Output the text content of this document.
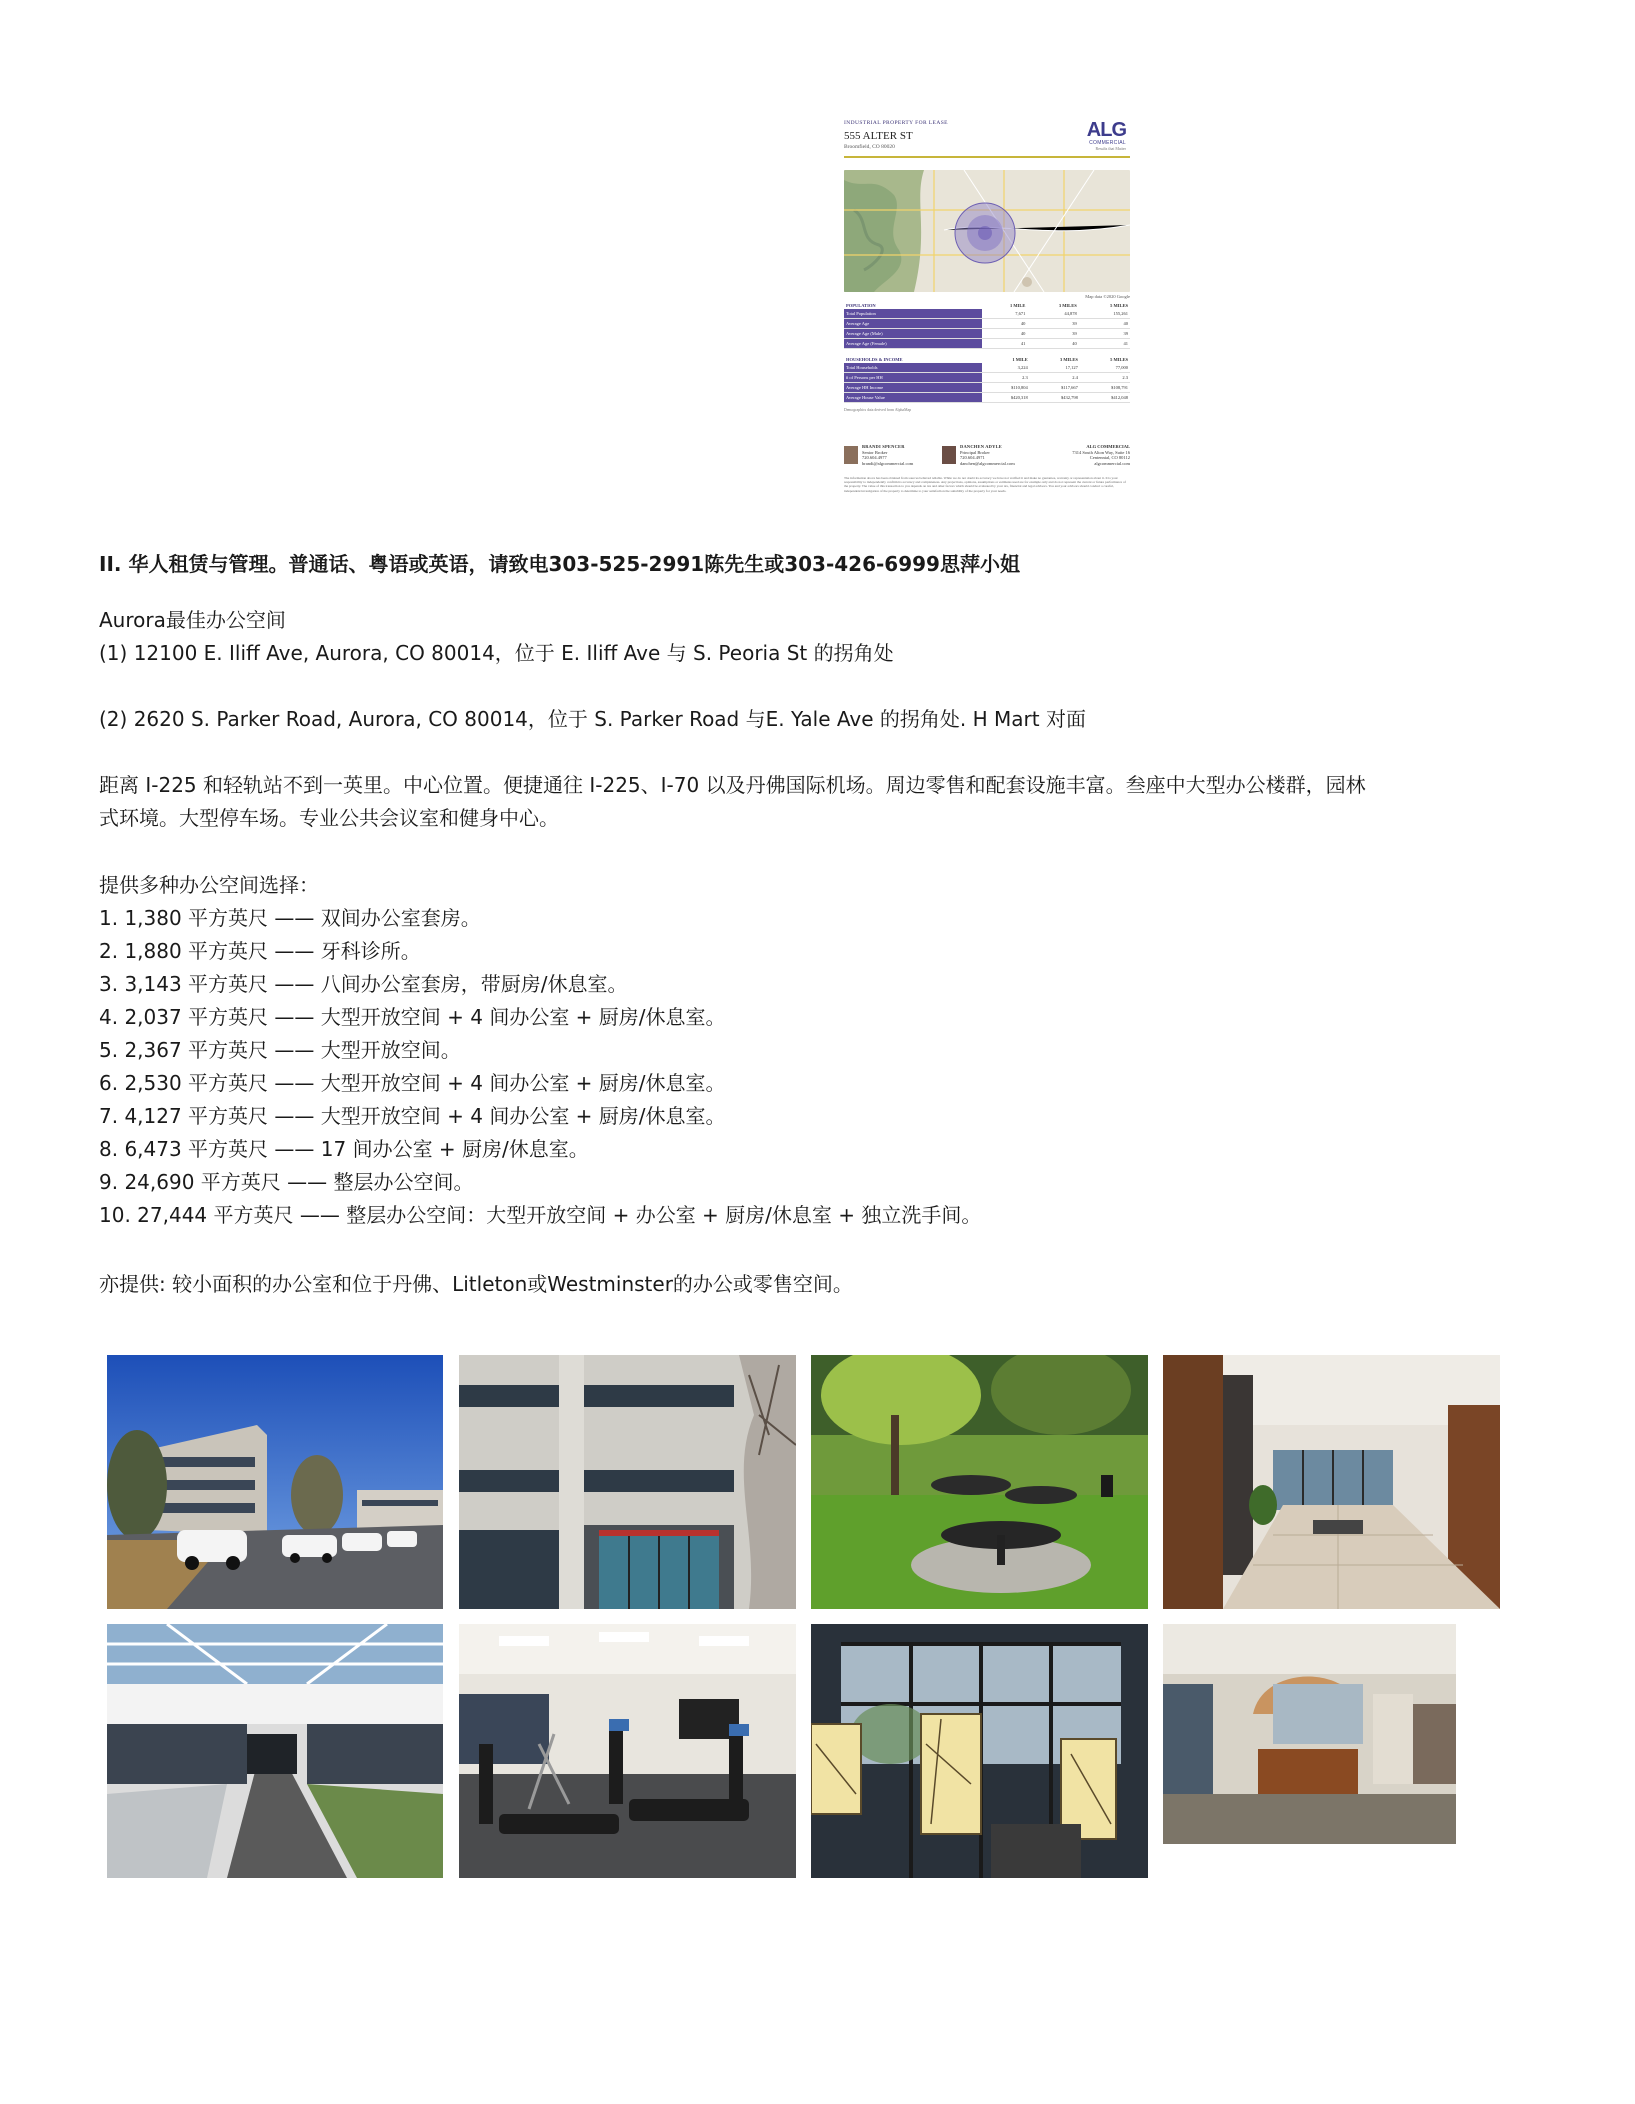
INDUSTRIAL PROPERTY FOR LEASE
555 ALTER ST
Broomfield, CO 80020
ALG
COMMERCIAL
Results that Matter
Map data ©2020 Google
POPULATION	1 MILE	3 MILES	5 MILES
Total Population	7,671	44,878	155,261
Average Age	40	39	40
Average Age (Male)	40	39	39
Average Age (Female)	41	40	41
HOUSEHOLDS & INCOME	1 MILE	3 MILES	5 MILES
Total Households	3,224	17,127	77,000
# of Persons per HH	2.3	2.4	2.3
Average HH Income	$110,804	$117,667	$108,791
Average House Value	$420,318	$432,798	$412,048
Demographics data derived from AlphaMap
BRANDI SPENCER
Senior Broker
720.604.4977
brandi@algcommercial.com
DANCHEN ADYLE
Principal Broker
720.604.4971
danchen@algcommercial.com
ALG COMMERCIAL
7314 South Alton Way, Suite 16
Centennial, CO 80112
algcommercial.com
The information above has been obtained from sources believed reliable. While we do not doubt its accuracy we have not verified it and make no guarantee, warranty or representation about it. It is your responsibility to independently confirm its accuracy and completeness. Any projections, opinions, assumptions or estimates used are for example only and do not represent the current or future performance of the property. The value of this transaction to you depends on tax and other factors which should be evaluated by your tax, financial and legal advisors. You and your advisors should conduct a careful, independent investigation of the property to determine to your satisfaction the suitability of the property for your needs.
II. 华人租赁与管理。普通话、粤语或英语，请致电303-525-2991陈先生或303-426-6999思萍小姐

Aurora最佳办公空间

(1) 12100 E. Iliff Ave, Aurora, CO 80014，位于 E. Iliff Ave 与 S. Peoria St 的拐角处

(2) 2620 S. Parker Road, Aurora, CO 80014，位于 S. Parker Road 与E. Yale Ave 的拐角处. H Mart 对面

距离 I-225 和轻轨站不到一英里。中心位置。便捷通往 I-225、I-70 以及丹佛国际机场。周边零售和配套设施丰富。叁座中大型办公楼群，园林

式环境。大型停车场。专业公共会议室和健身中心。

提供多种办公空间选择：

1. 1,380 平方英尺 —— 双间办公室套房。
2. 1,880 平方英尺 —— 牙科诊所。
3. 3,143 平方英尺 —— 八间办公室套房，带厨房/休息室。
4. 2,037 平方英尺 —— 大型开放空间 + 4 间办公室 + 厨房/休息室。
5. 2,367 平方英尺 —— 大型开放空间。
6. 2,530 平方英尺 —— 大型开放空间 + 4 间办公室 + 厨房/休息室。
7. 4,127 平方英尺 —— 大型开放空间 + 4 间办公室 + 厨房/休息室。
8. 6,473 平方英尺 —— 17 间办公室 + 厨房/休息室。
9. 24,690 平方英尺 —— 整层办公空间。
10. 27,444 平方英尺 —— 整层办公空间：大型开放空间 + 办公室 + 厨房/休息室 + 独立洗手间。

亦提供: 较小面积的办公室和位于丹佛、Litleton或Westminster的办公或零售空间。
